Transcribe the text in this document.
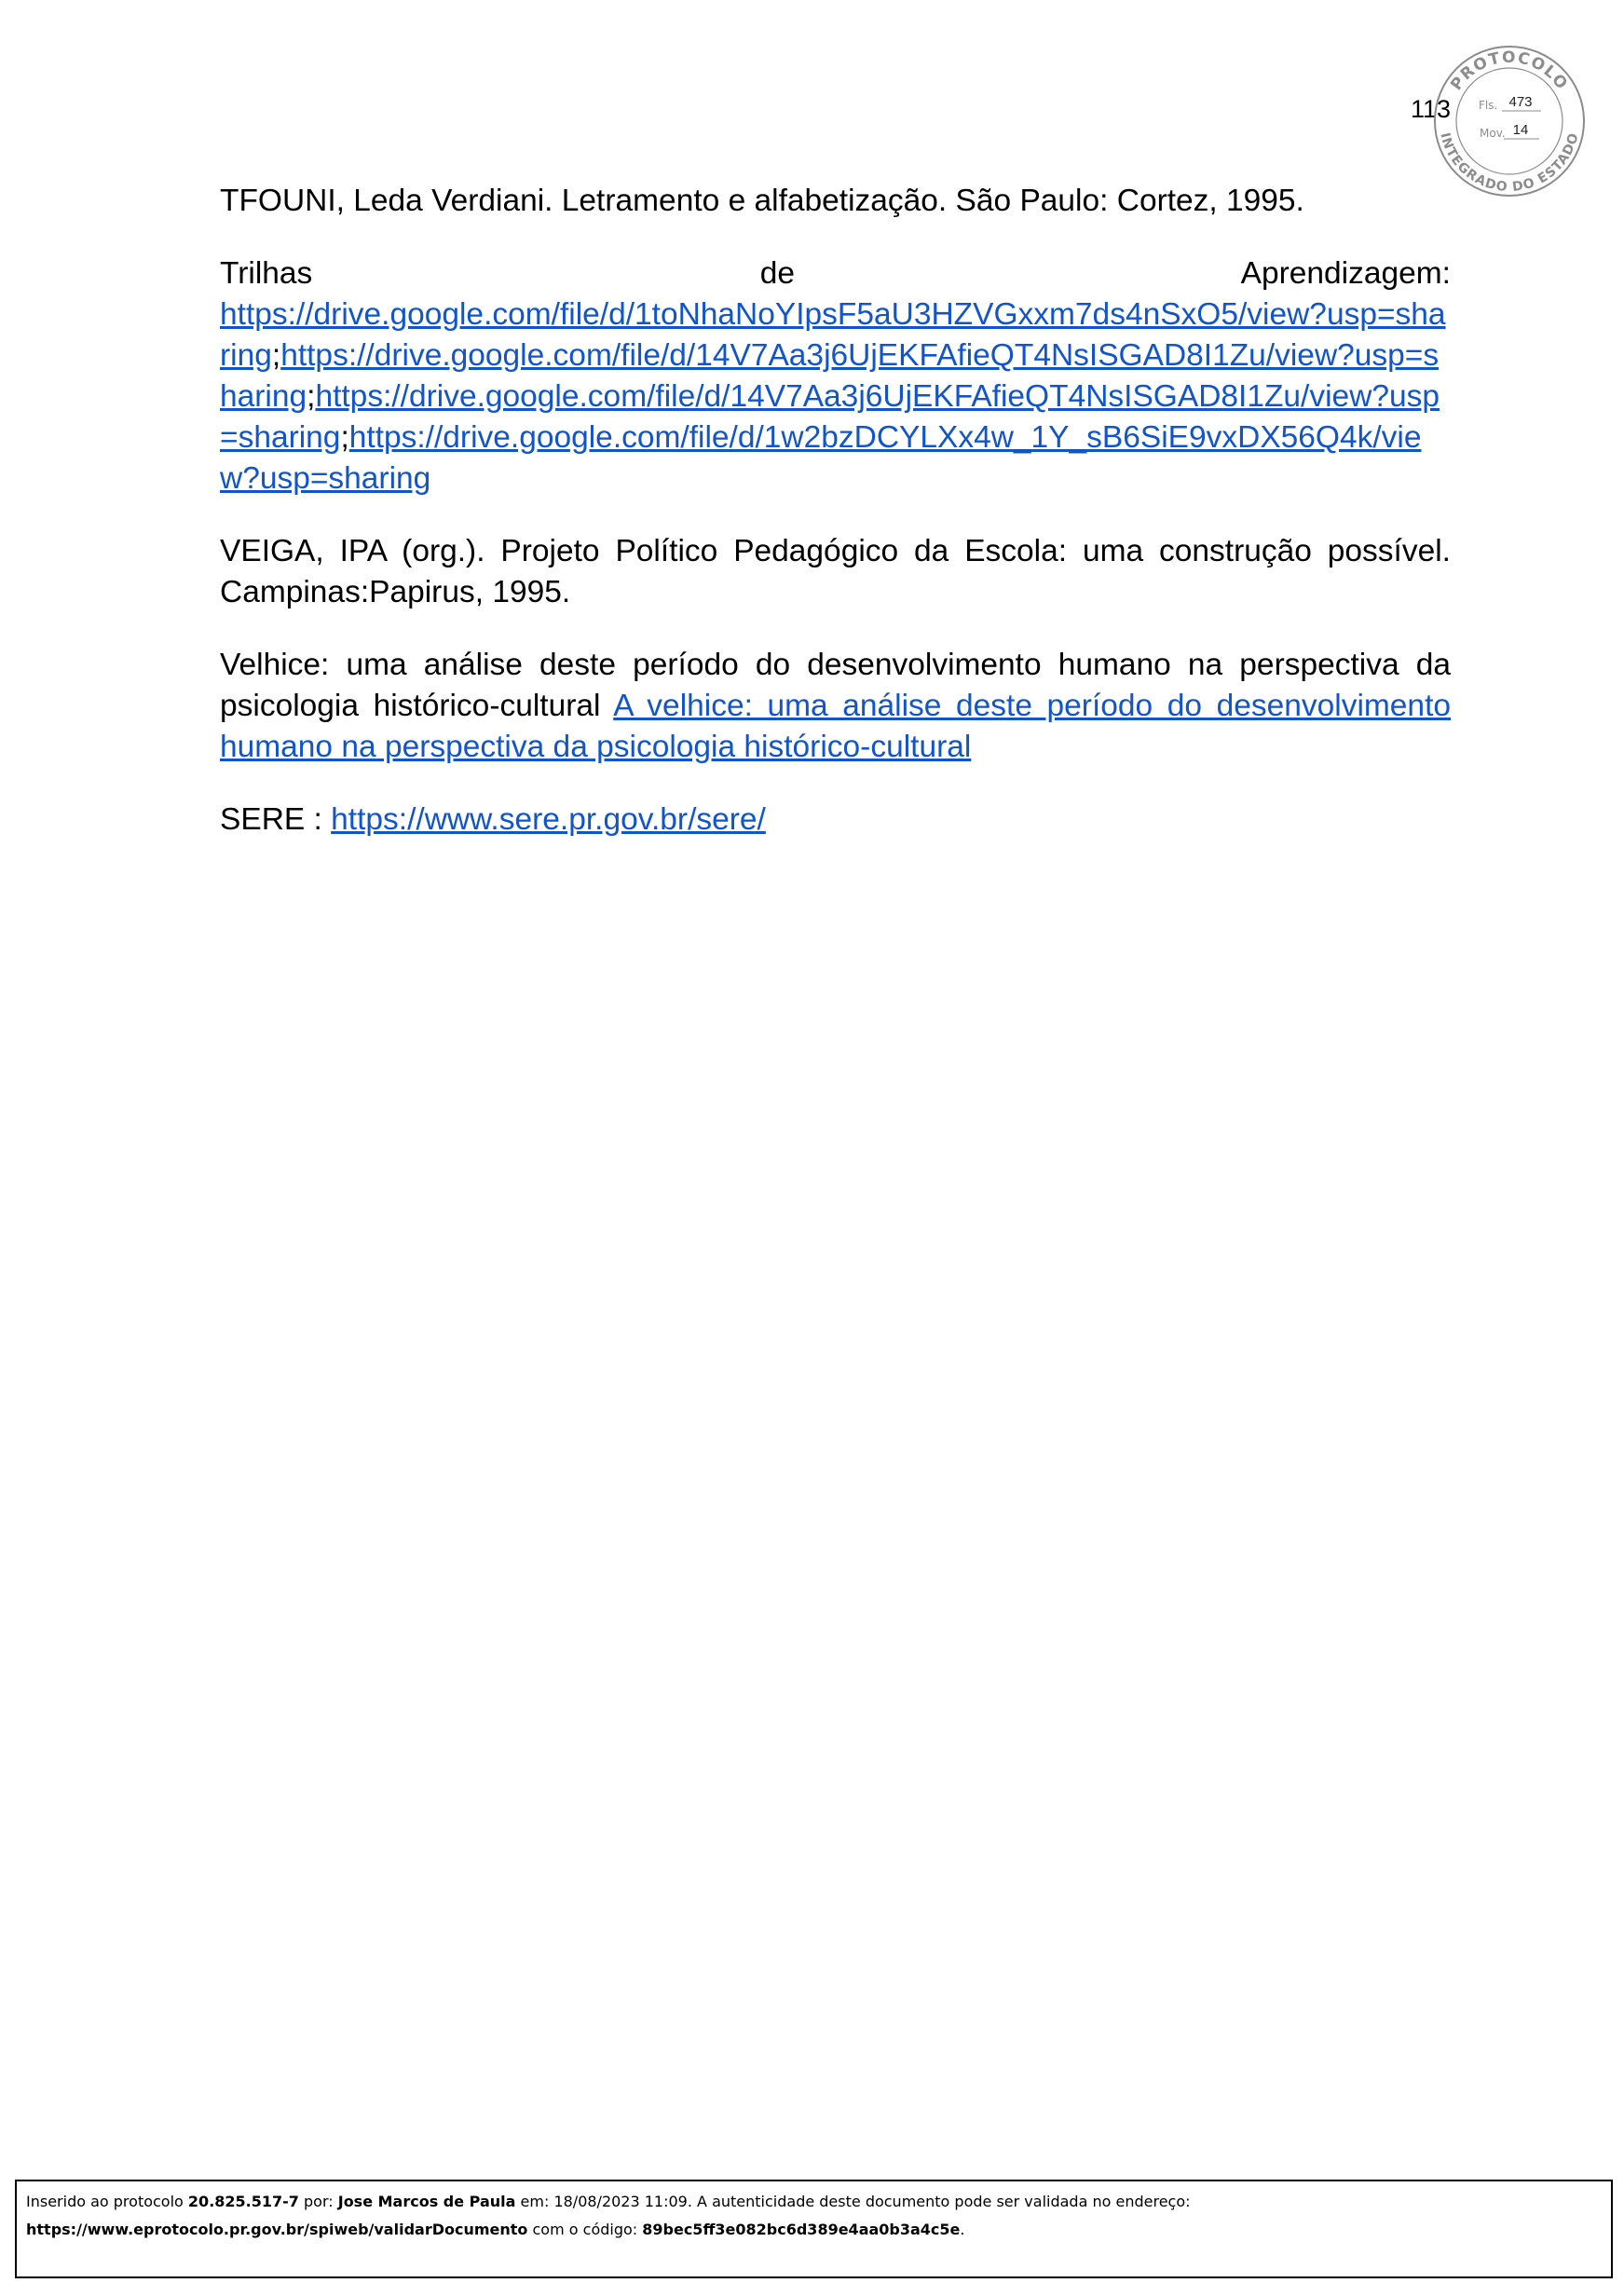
113
PROTOCOLO
INTEGRADO DO ESTADO
Fls. 473
Mov. 14

TFOUNI, Leda Verdiani. Letramento e alfabetização. São Paulo: Cortez, 1995.

Trilhas de Aprendizagem:
https://drive.google.com/file/d/1toNhaNoYIpsF5aU3HZVGxxm7ds4nSxO5/view?usp=sharing;https://drive.google.com/file/d/14V7Aa3j6UjEKFAfieQT4NsISGAD8I1Zu/view?usp=sharing;https://drive.google.com/file/d/14V7Aa3j6UjEKFAfieQT4NsISGAD8I1Zu/view?usp=sharing;https://drive.google.com/file/d/1w2bzDCYLXx4w_1Y_sB6SiE9vxDX56Q4k/view?usp=sharing

VEIGA, IPA (org.). Projeto Político Pedagógico da Escola: uma construção possível. Campinas:Papirus, 1995.

Velhice: uma análise deste período do desenvolvimento humano na perspectiva da psicologia histórico-cultural A velhice: uma análise deste período do desenvolvimento humano na perspectiva da psicologia histórico-cultural

SERE : https://www.sere.pr.gov.br/sere/

Inserido ao protocolo 20.825.517-7 por: Jose Marcos de Paula em: 18/08/2023 11:09. A autenticidade deste documento pode ser validada no endereço:
https://www.eprotocolo.pr.gov.br/spiweb/validarDocumento com o código: 89bec5ff3e082bc6d389e4aa0b3a4c5e.
